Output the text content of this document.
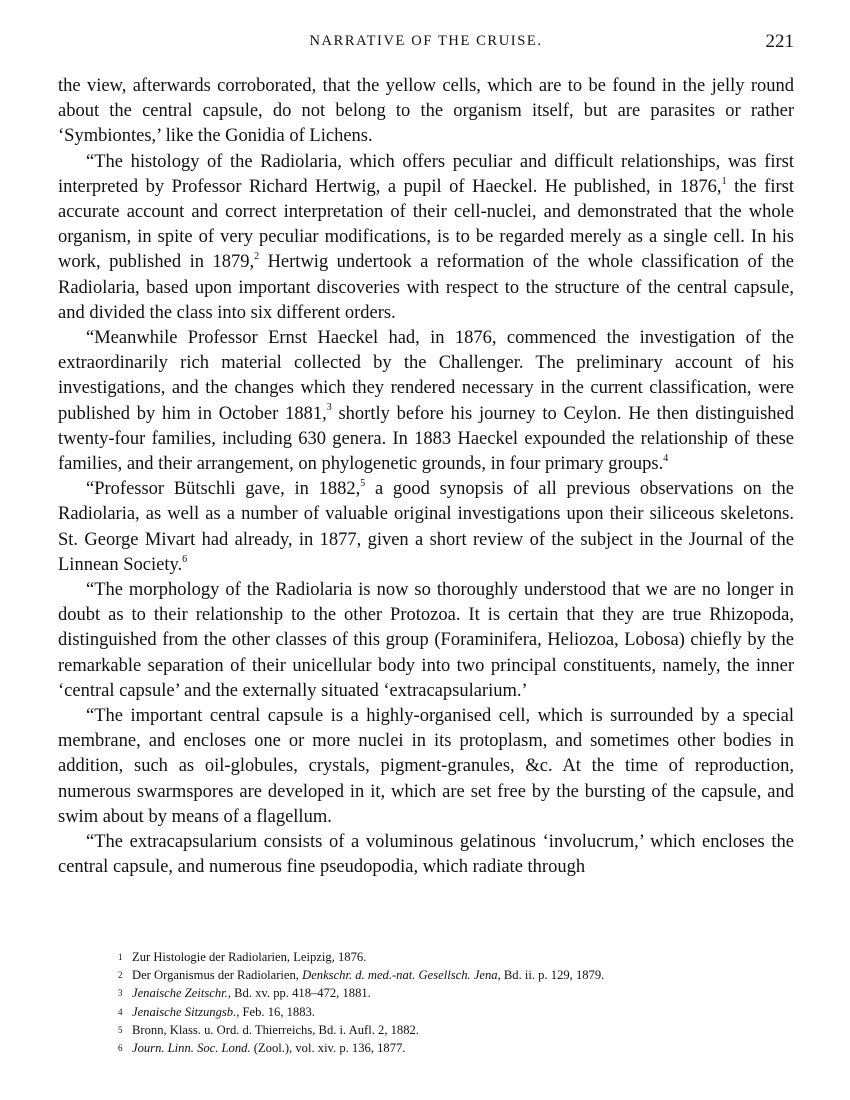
NARRATIVE OF THE CRUISE.	221

the view, afterwards corroborated, that the yellow cells, which are to be found in the jelly round about the central capsule, do not belong to the organism itself, but are parasites or rather ‘Symbiontes,’ like the Gonidia of Lichens.

“The histology of the Radiolaria, which offers peculiar and difficult relationships, was first interpreted by Professor Richard Hertwig, a pupil of Haeckel. He published, in 1876,$^1$ the first accurate account and correct interpretation of their cell-nuclei, and demonstrated that the whole organism, in spite of very peculiar modifications, is to be regarded merely as a single cell. In his work, published in 1879,$^2$ Hertwig undertook a reformation of the whole classification of the Radiolaria, based upon important discoveries with respect to the structure of the central capsule, and divided the class into six different orders.

“Meanwhile Professor Ernst Haeckel had, in 1876, commenced the investigation of the extraordinarily rich material collected by the Challenger. The preliminary account of his investigations, and the changes which they rendered necessary in the current classification, were published by him in October 1881,$^3$ shortly before his journey to Ceylon. He then distinguished twenty-four families, including 630 genera. In 1883 Haeckel expounded the relationship of these families, and their arrangement, on phylogenetic grounds, in four primary groups.$^4$

“Professor Bütschli gave, in 1882,$^5$ a good synopsis of all previous observations on the Radiolaria, as well as a number of valuable original investigations upon their siliceous skeletons. St. George Mivart had already, in 1877, given a short review of the subject in the Journal of the Linnean Society.$^6$

“The morphology of the Radiolaria is now so thoroughly understood that we are no longer in doubt as to their relationship to the other Protozoa. It is certain that they are true Rhizopoda, distinguished from the other classes of this group (Foraminifera, Heliozoa, Lobosa) chiefly by the remarkable separation of their unicellular body into two principal constituents, namely, the inner ‘central capsule’ and the externally situated ‘extracapsularium.’

“The important central capsule is a highly-organised cell, which is surrounded by a special membrane, and encloses one or more nuclei in its protoplasm, and sometimes other bodies in addition, such as oil-globules, crystals, pigment-granules, &c. At the time of reproduction, numerous swarmspores are developed in it, which are set free by the bursting of the capsule, and swim about by means of a flagellum.

“The extracapsularium consists of a voluminous gelatinous ‘involucrum,’ which encloses the central capsule, and numerous fine pseudopodia, which radiate through

1 Zur Histologie der Radiolarien, Leipzig, 1876.
2 Der Organismus der Radiolarien, Denkschr. d. med.-nat. Gesellsch. Jena, Bd. ii. p. 129, 1879.
3 Jenaische Zeitschr., Bd. xv. pp. 418–472, 1881.
4 Jenaische Sitzungsb., Feb. 16, 1883.
5 Bronn, Klass. u. Ord. d. Thierreichs, Bd. i. Aufl. 2, 1882.
6 Journ. Linn. Soc. Lond. (Zool.), vol. xiv. p. 136, 1877.
